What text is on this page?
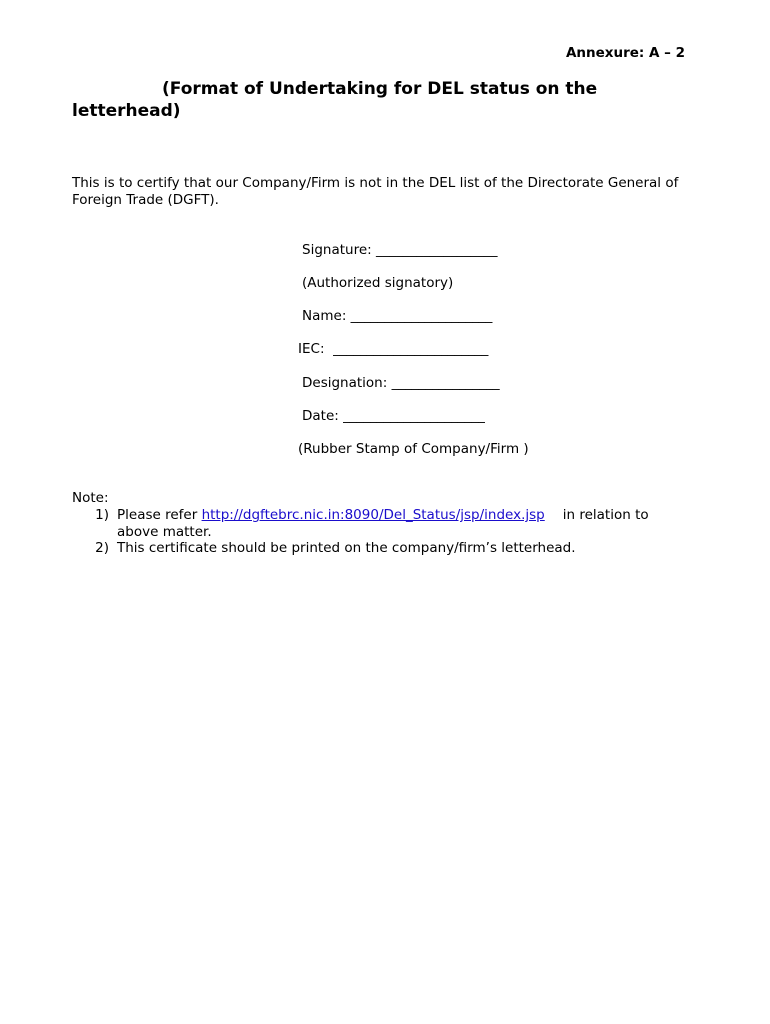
Annexure: A – 2
(Format of Undertaking for DEL status on the letterhead)
This is to certify that our Company/Firm is not in the DEL list of the Directorate General of Foreign Trade (DGFT).
Signature: __________________
(Authorized signatory)
Name: _____________________
IEC:  _______________________
Designation: ________________
Date: _____________________
(Rubber Stamp of Company/Firm )
Note:
1) Please refer http://dgftebrc.nic.in:8090/Del_Status/jsp/index.jsp in relation to above matter.
2) This certificate should be printed on the company/firm’s letterhead.
